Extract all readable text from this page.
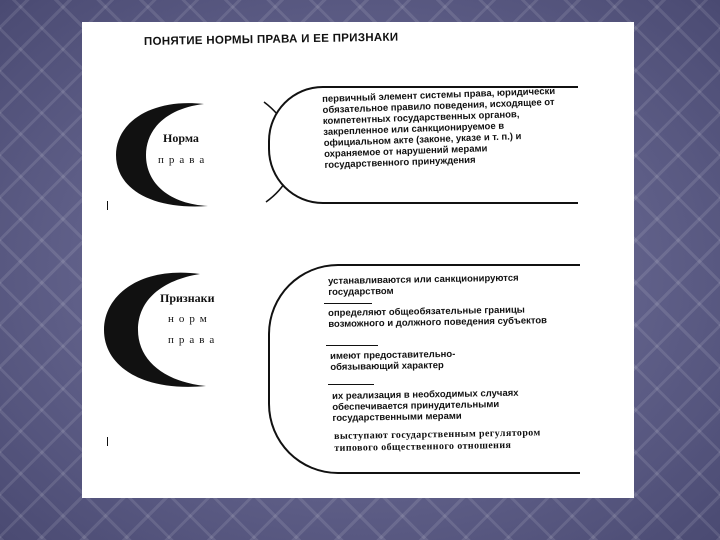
ПОНЯТИЕ НОРМЫ ПРАВА И ЕЕ ПРИЗНАКИ
Норма
права
первичный элемент системы права, юридически обязательное правило поведения, исходящее от компетентных государственных органов, закрепленное или санкционируемое в официальном акте (законе, указе и т. п.) и охраняемое от нарушений мерами государственного принуждения
Признаки
норм
права
устанавливаются или санкционируются государством
определяют общеобязательные границы возможного и должного поведения субъектов
имеют предоставительно-обязывающий характер
их реализация в необходимых случаях обеспечивается принудительными государственными мерами
выступают государственным регулятором типового общественного отношения
